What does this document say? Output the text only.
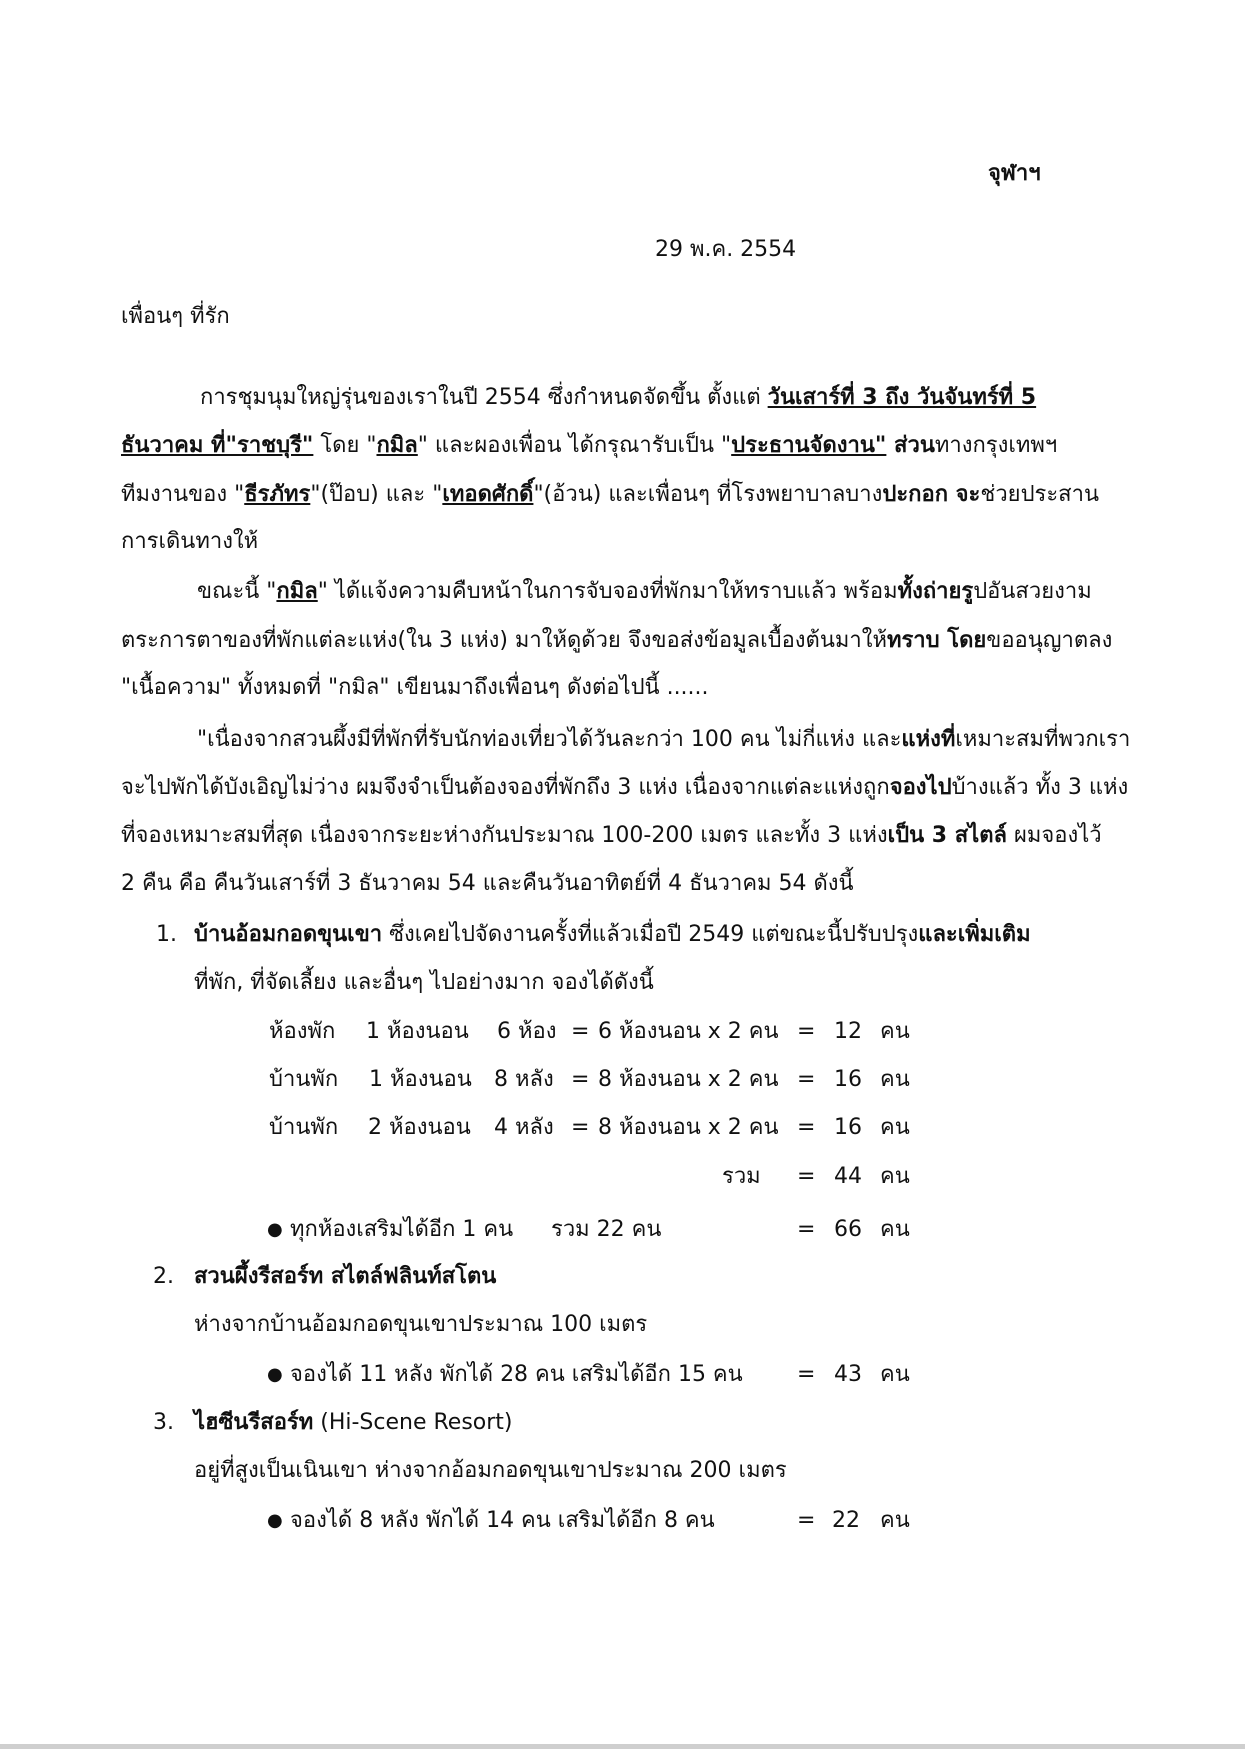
จุฬาฯ
29 พ.ค. 2554
เพื่อนๆ ที่รัก
การชุมนุมใหญ่รุ่นของเราในปี 2554 ซึ่งกำหนดจัดขึ้น ตั้งแต่ วันเสาร์ที่ 3 ถึง วันจันทร์ที่ 5
ธันวาคม ที่"ราชบุรี" โดย "กมิล" และผองเพื่อน ได้กรุณารับเป็น "ประธานจัดงาน" ส่วนทางกรุงเทพฯ
ทีมงานของ "ธีรภัทร"(ป๊อบ) และ "เทอดศักดิ์"(อ้วน) และเพื่อนๆ ที่โรงพยาบาลบางปะกอก จะช่วยประสาน
การเดินทางให้
ขณะนี้ "กมิล" ได้แจ้งความคืบหน้าในการจับจองที่พักมาให้ทราบแล้ว พร้อมทั้งถ่ายรูปอันสวยงาม
ตระการตาของที่พักแต่ละแห่ง(ใน 3 แห่ง) มาให้ดูด้วย จึงขอส่งข้อมูลเบื้องต้นมาให้ทราบ โดยขออนุญาตลง
"เนื้อความ" ทั้งหมดที่ "กมิล" เขียนมาถึงเพื่อนๆ ดังต่อไปนี้ ......
"เนื่องจากสวนผึ้งมีที่พักที่รับนักท่องเที่ยวได้วันละกว่า 100 คน ไม่กี่แห่ง และแห่งที่เหมาะสมที่พวกเรา
จะไปพักได้บังเอิญไม่ว่าง ผมจึงจำเป็นต้องจองที่พักถึง 3 แห่ง เนื่องจากแต่ละแห่งถูกจองไปบ้างแล้ว ทั้ง 3 แห่ง
ที่จองเหมาะสมที่สุด เนื่องจากระยะห่างกันประมาณ 100-200 เมตร และทั้ง 3 แห่งเป็น 3 สไตล์ ผมจองไว้
2 คืน คือ คืนวันเสาร์ที่ 3 ธันวาคม 54 และคืนวันอาทิตย์ที่ 4 ธันวาคม 54 ดังนี้
1. บ้านอ้อมกอดขุนเขา ซึ่งเคยไปจัดงานครั้งที่แล้วเมื่อปี 2549 แต่ขณะนี้ปรับปรุงและเพิ่มเติม
ที่พัก, ที่จัดเลี้ยง และอื่นๆ ไปอย่างมาก จองได้ดังนี้
ห้องพัก 1 ห้องนอน 6 ห้อง = 6 ห้องนอน x 2 คน = 12 คน
บ้านพัก 1 ห้องนอน 8 หลัง = 8 ห้องนอน x 2 คน = 16 คน
บ้านพัก 2 ห้องนอน 4 หลัง = 8 ห้องนอน x 2 คน = 16 คน
รวม = 44 คน
● ทุกห้องเสริมได้อีก 1 คน รวม 22 คน	= 66 คน
2. สวนผึ้งรีสอร์ท สไตล์ฟลินท์สโตน
ห่างจากบ้านอ้อมกอดขุนเขาประมาณ 100 เมตร
● จองได้ 11 หลัง พักได้ 28 คน เสริมได้อีก 15 คน = 43 คน
3. ไฮซีนรีสอร์ท (Hi-Scene Resort)
อยู่ที่สูงเป็นเนินเขา ห่างจากอ้อมกอดขุนเขาประมาณ 200 เมตร
● จองได้ 8 หลัง พักได้ 14 คน เสริมได้อีก 8 คน	= 22 คน
